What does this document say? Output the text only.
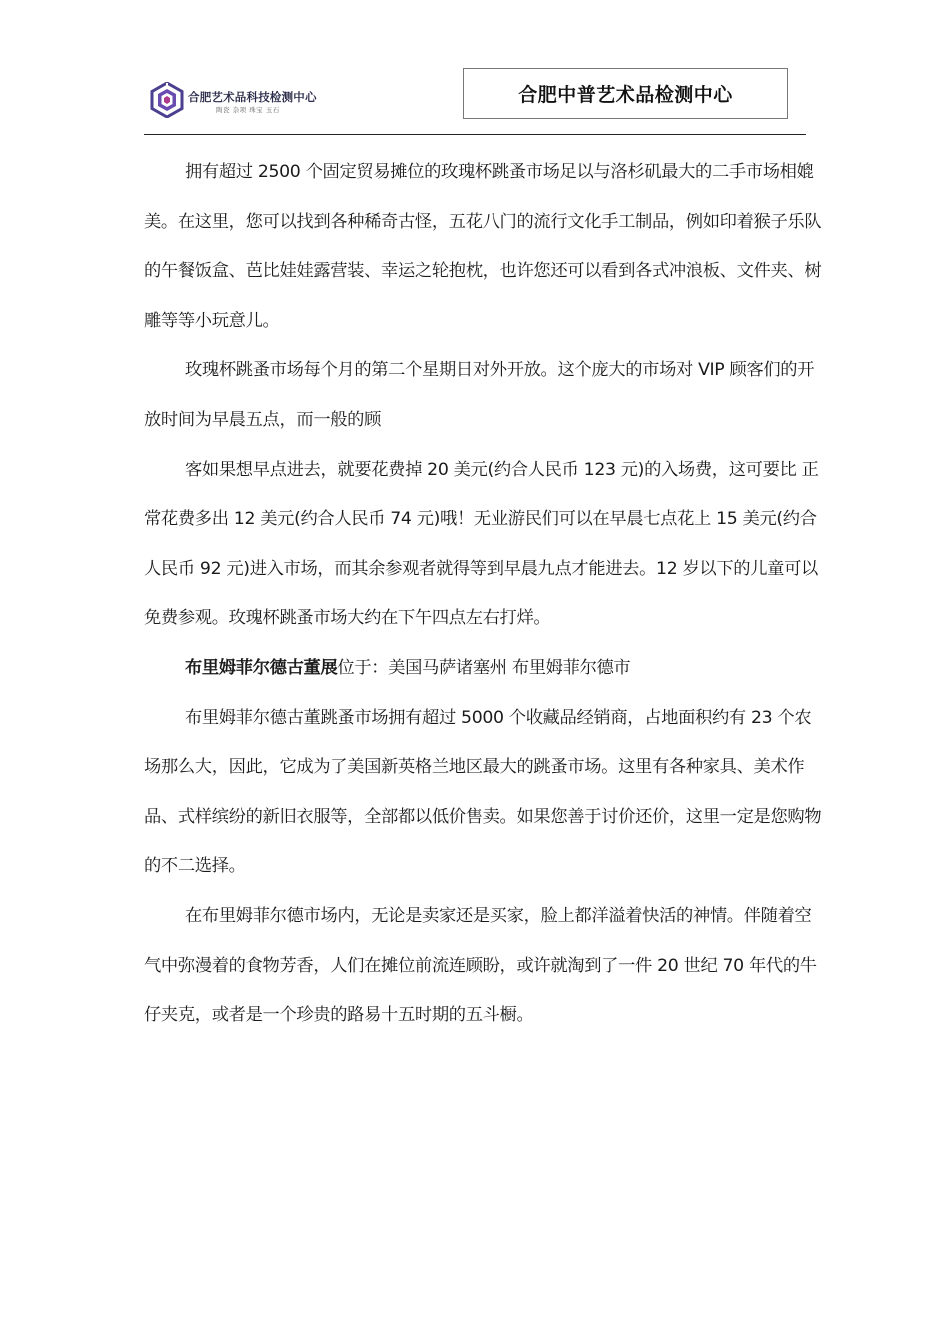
合肥艺术品科技检测中心
陶瓷 杂项 珠宝 玉石
合肥中普艺术品检测中心

拥有超过 2500 个固定贸易摊位的玫瑰杯跳蚤市场足以与洛杉矶最大的二手市场相媲美。在这里，您可以找到各种稀奇古怪，五花八门的流行文化手工制品，例如印着猴子乐队的午餐饭盒、芭比娃娃露营装、幸运之轮抱枕，也许您还可以看到各式冲浪板、文件夹、树雕等等小玩意儿。

玫瑰杯跳蚤市场每个月的第二个星期日对外开放。这个庞大的市场对 VIP 顾客们的开放时间为早晨五点，而一般的顾

客如果想早点进去，就要花费掉 20 美元(约合人民币 123 元)的入场费，这可要比 正常花费多出 12 美元(约合人民币 74 元)哦！无业游民们可以在早晨七点花上 15 美元(约合人民币 92 元)进入市场，而其余参观者就得等到早晨九点才能进去。12 岁以下的儿童可以免费参观。玫瑰杯跳蚤市场大约在下午四点左右打烊。

布里姆菲尔德古董展位于：美国马萨诸塞州 布里姆菲尔德市

布里姆菲尔德古董跳蚤市场拥有超过 5000 个收藏品经销商，占地面积约有 23 个农场那么大，因此，它成为了美国新英格兰地区最大的跳蚤市场。这里有各种家具、美术作品、式样缤纷的新旧衣服等，全部都以低价售卖。如果您善于讨价还价，这里一定是您购物的不二选择。

在布里姆菲尔德市场内，无论是卖家还是买家，脸上都洋溢着快活的神情。伴随着空气中弥漫着的食物芳香，人们在摊位前流连顾盼，或许就淘到了一件 20 世纪 70 年代的牛仔夹克，或者是一个珍贵的路易十五时期的五斗橱。
